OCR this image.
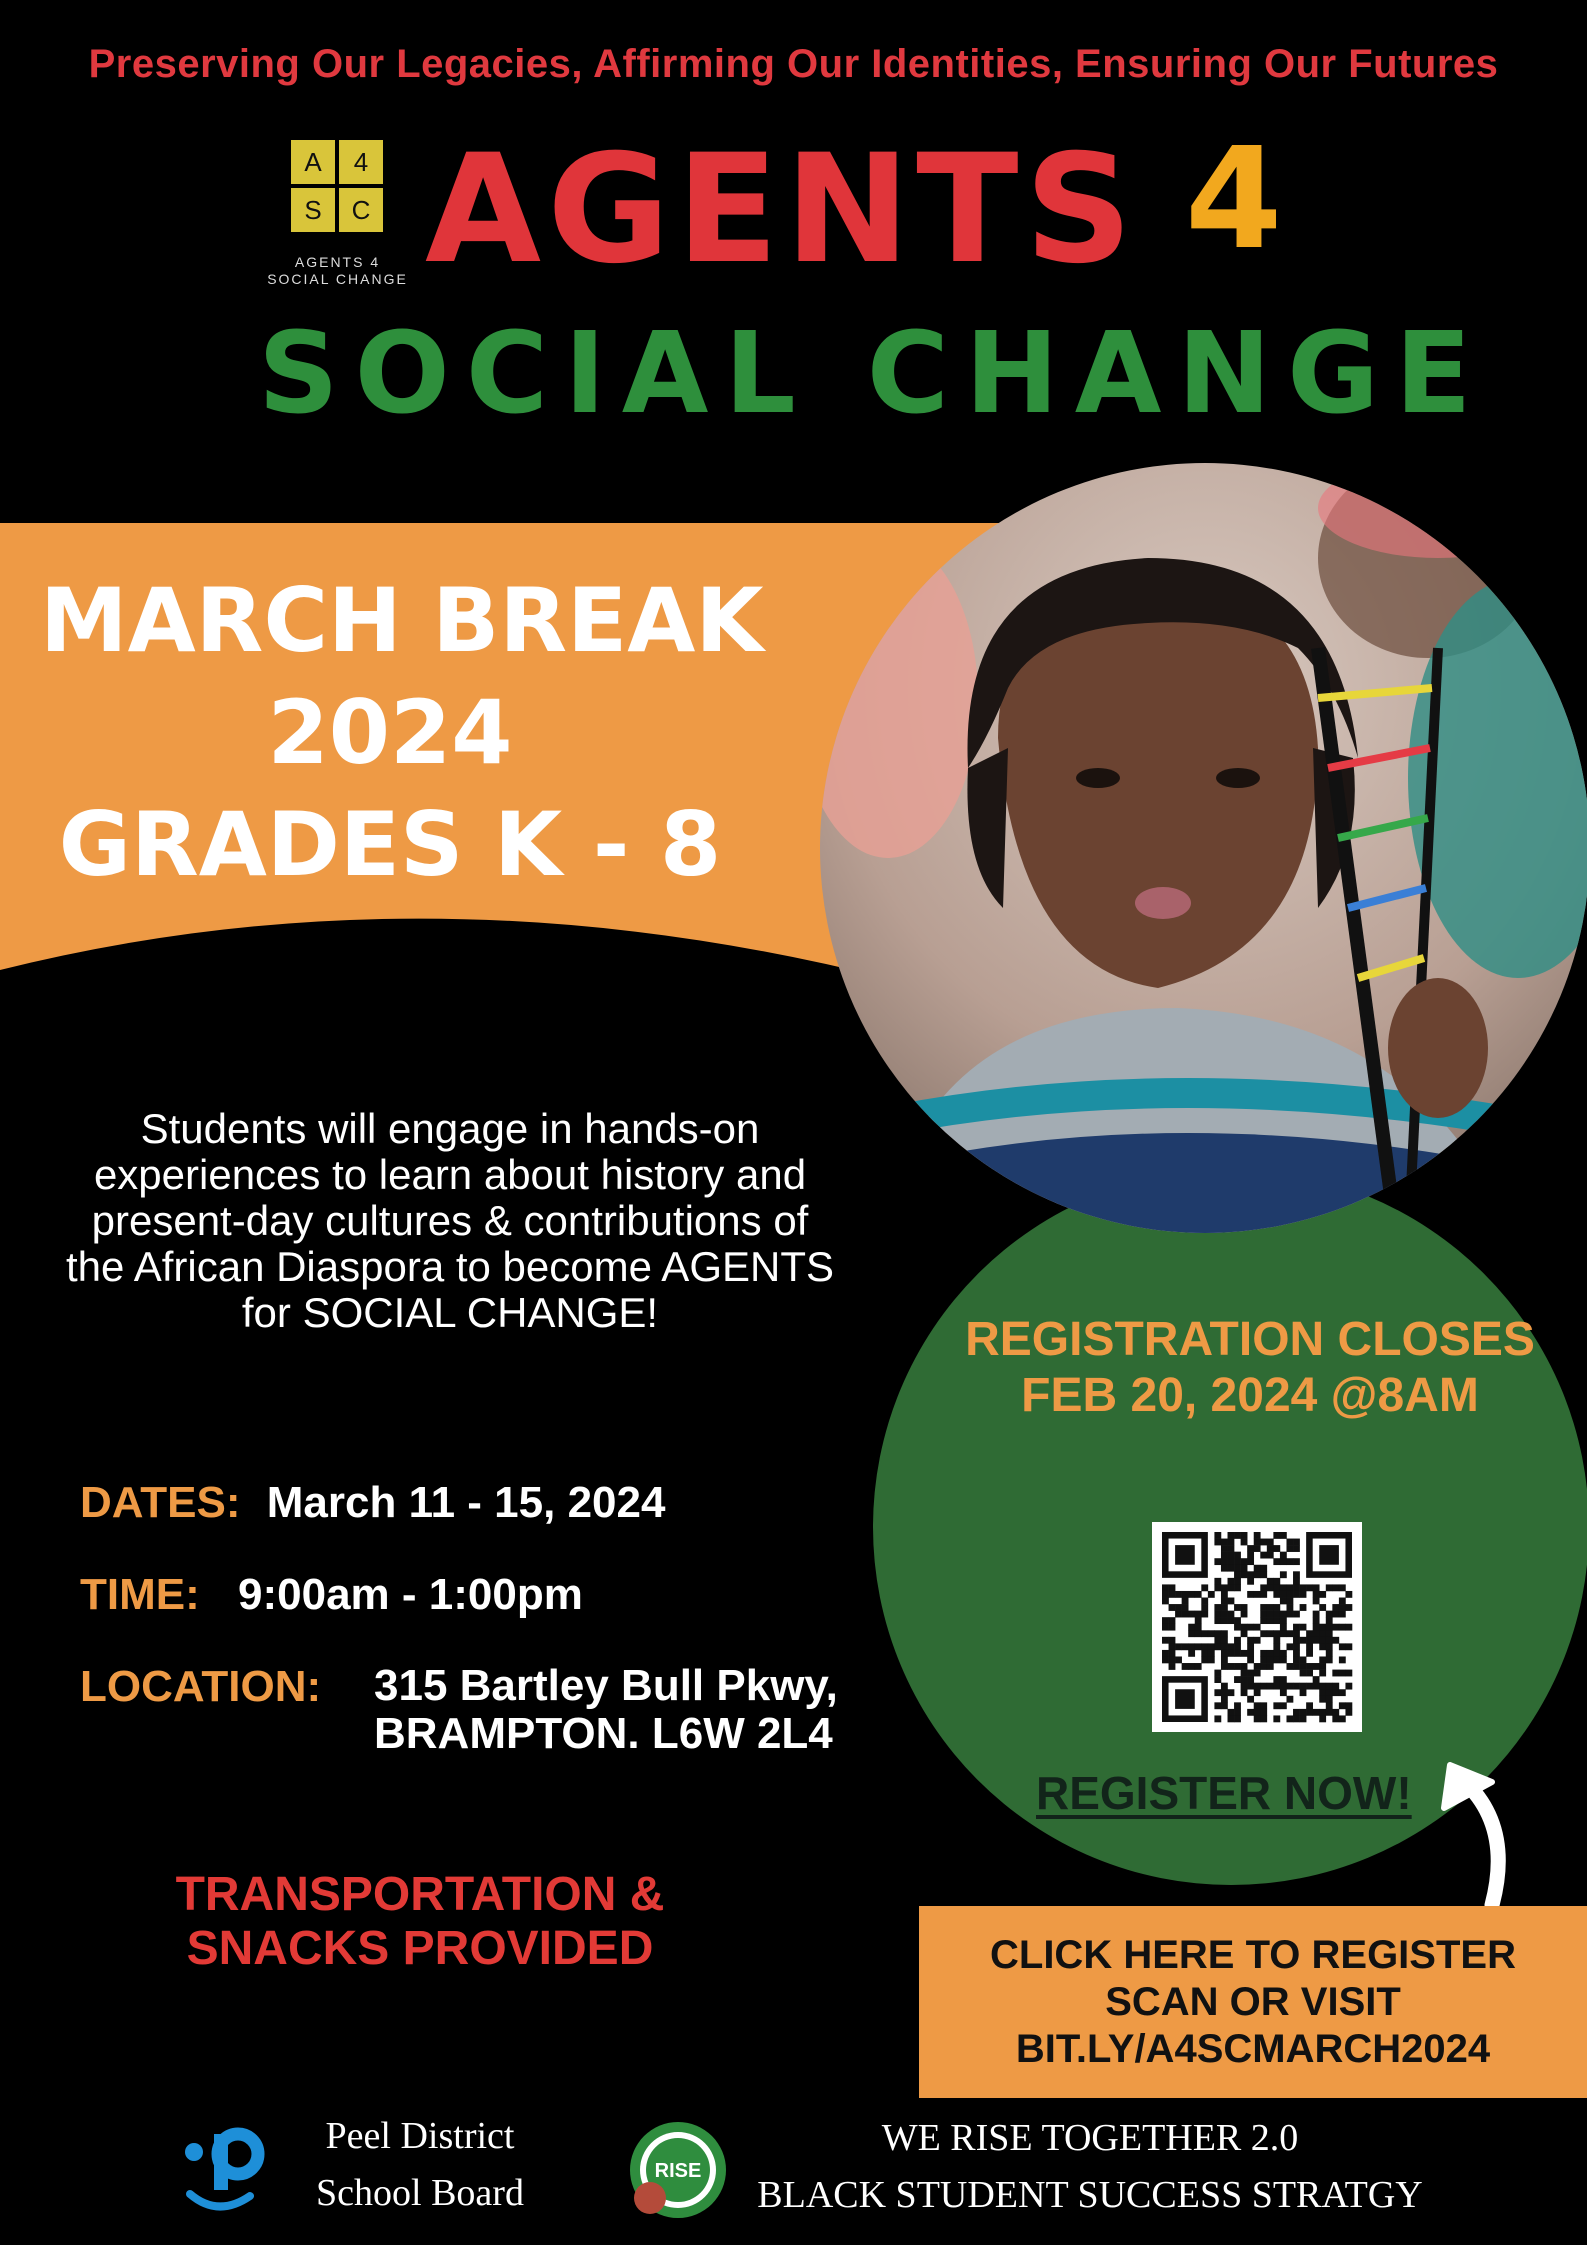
Preserving Our Legacies, Affirming Our Identities, Ensuring Our Futures
A	4
S	C
AGENTS 4
SOCIAL CHANGE AGENTS 4
SOCIAL CHANGE
MARCH BREAK
2024
GRADES K - 8
Students will engage in hands-on experiences to learn about history and present-day cultures & contributions of the African Diaspora to become AGENTS for SOCIAL CHANGE!
DATES: March 11 - 15, 2024
TIME: 9:00am - 1:00pm
LOCATION: 315 Bartley Bull Pkwy,
BRAMPTON. L6W 2L4
TRANSPORTATION &
SNACKS PROVIDED
REGISTRATION CLOSES
FEB 20, 2024 @8AM
REGISTER NOW!
CLICK HERE TO REGISTER
SCAN OR VISIT
BIT.LY/A4SCMARCH2024
Peel District
School Board
RISE
WE RISE TOGETHER 2.0
BLACK STUDENT SUCCESS STRATGY
